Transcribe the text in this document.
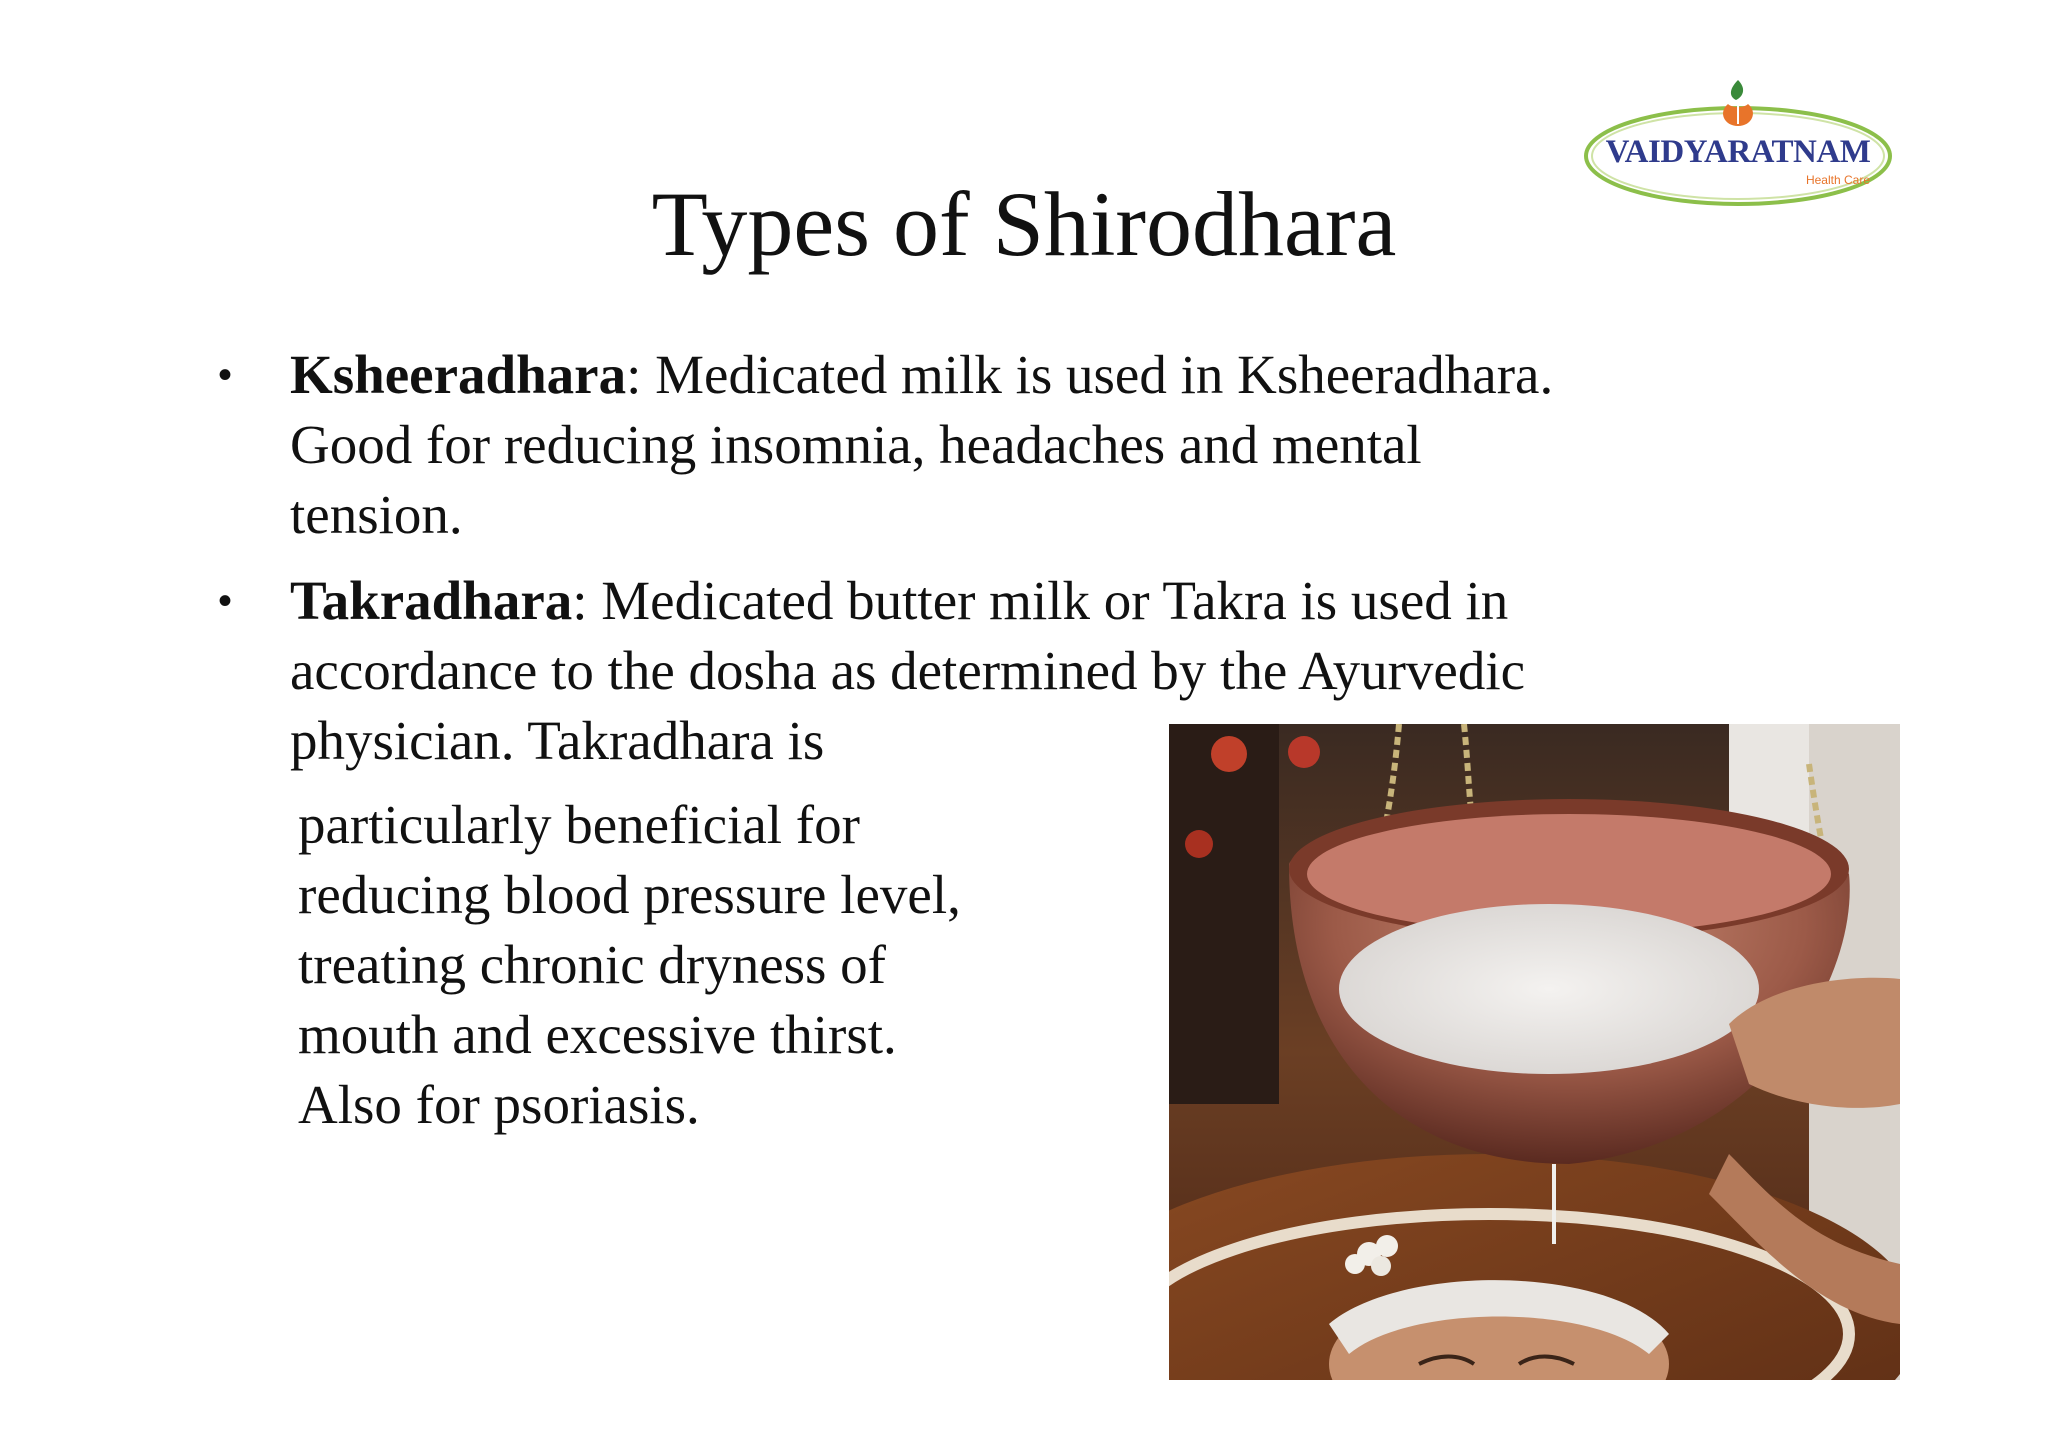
VAIDYARATNAM
Health Care
Types of Shirodhara
• Ksheeradhara: Medicated milk is used in Ksheeradhara.
Good for reducing insomnia, headaches and mental
tension.
• Takradhara: Medicated butter milk or Takra is used in
accordance to the dosha as determined by the Ayurvedic
physician. Takradhara is
particularly beneficial for
reducing blood pressure level,
treating chronic dryness of
mouth and excessive thirst.
Also for psoriasis.
